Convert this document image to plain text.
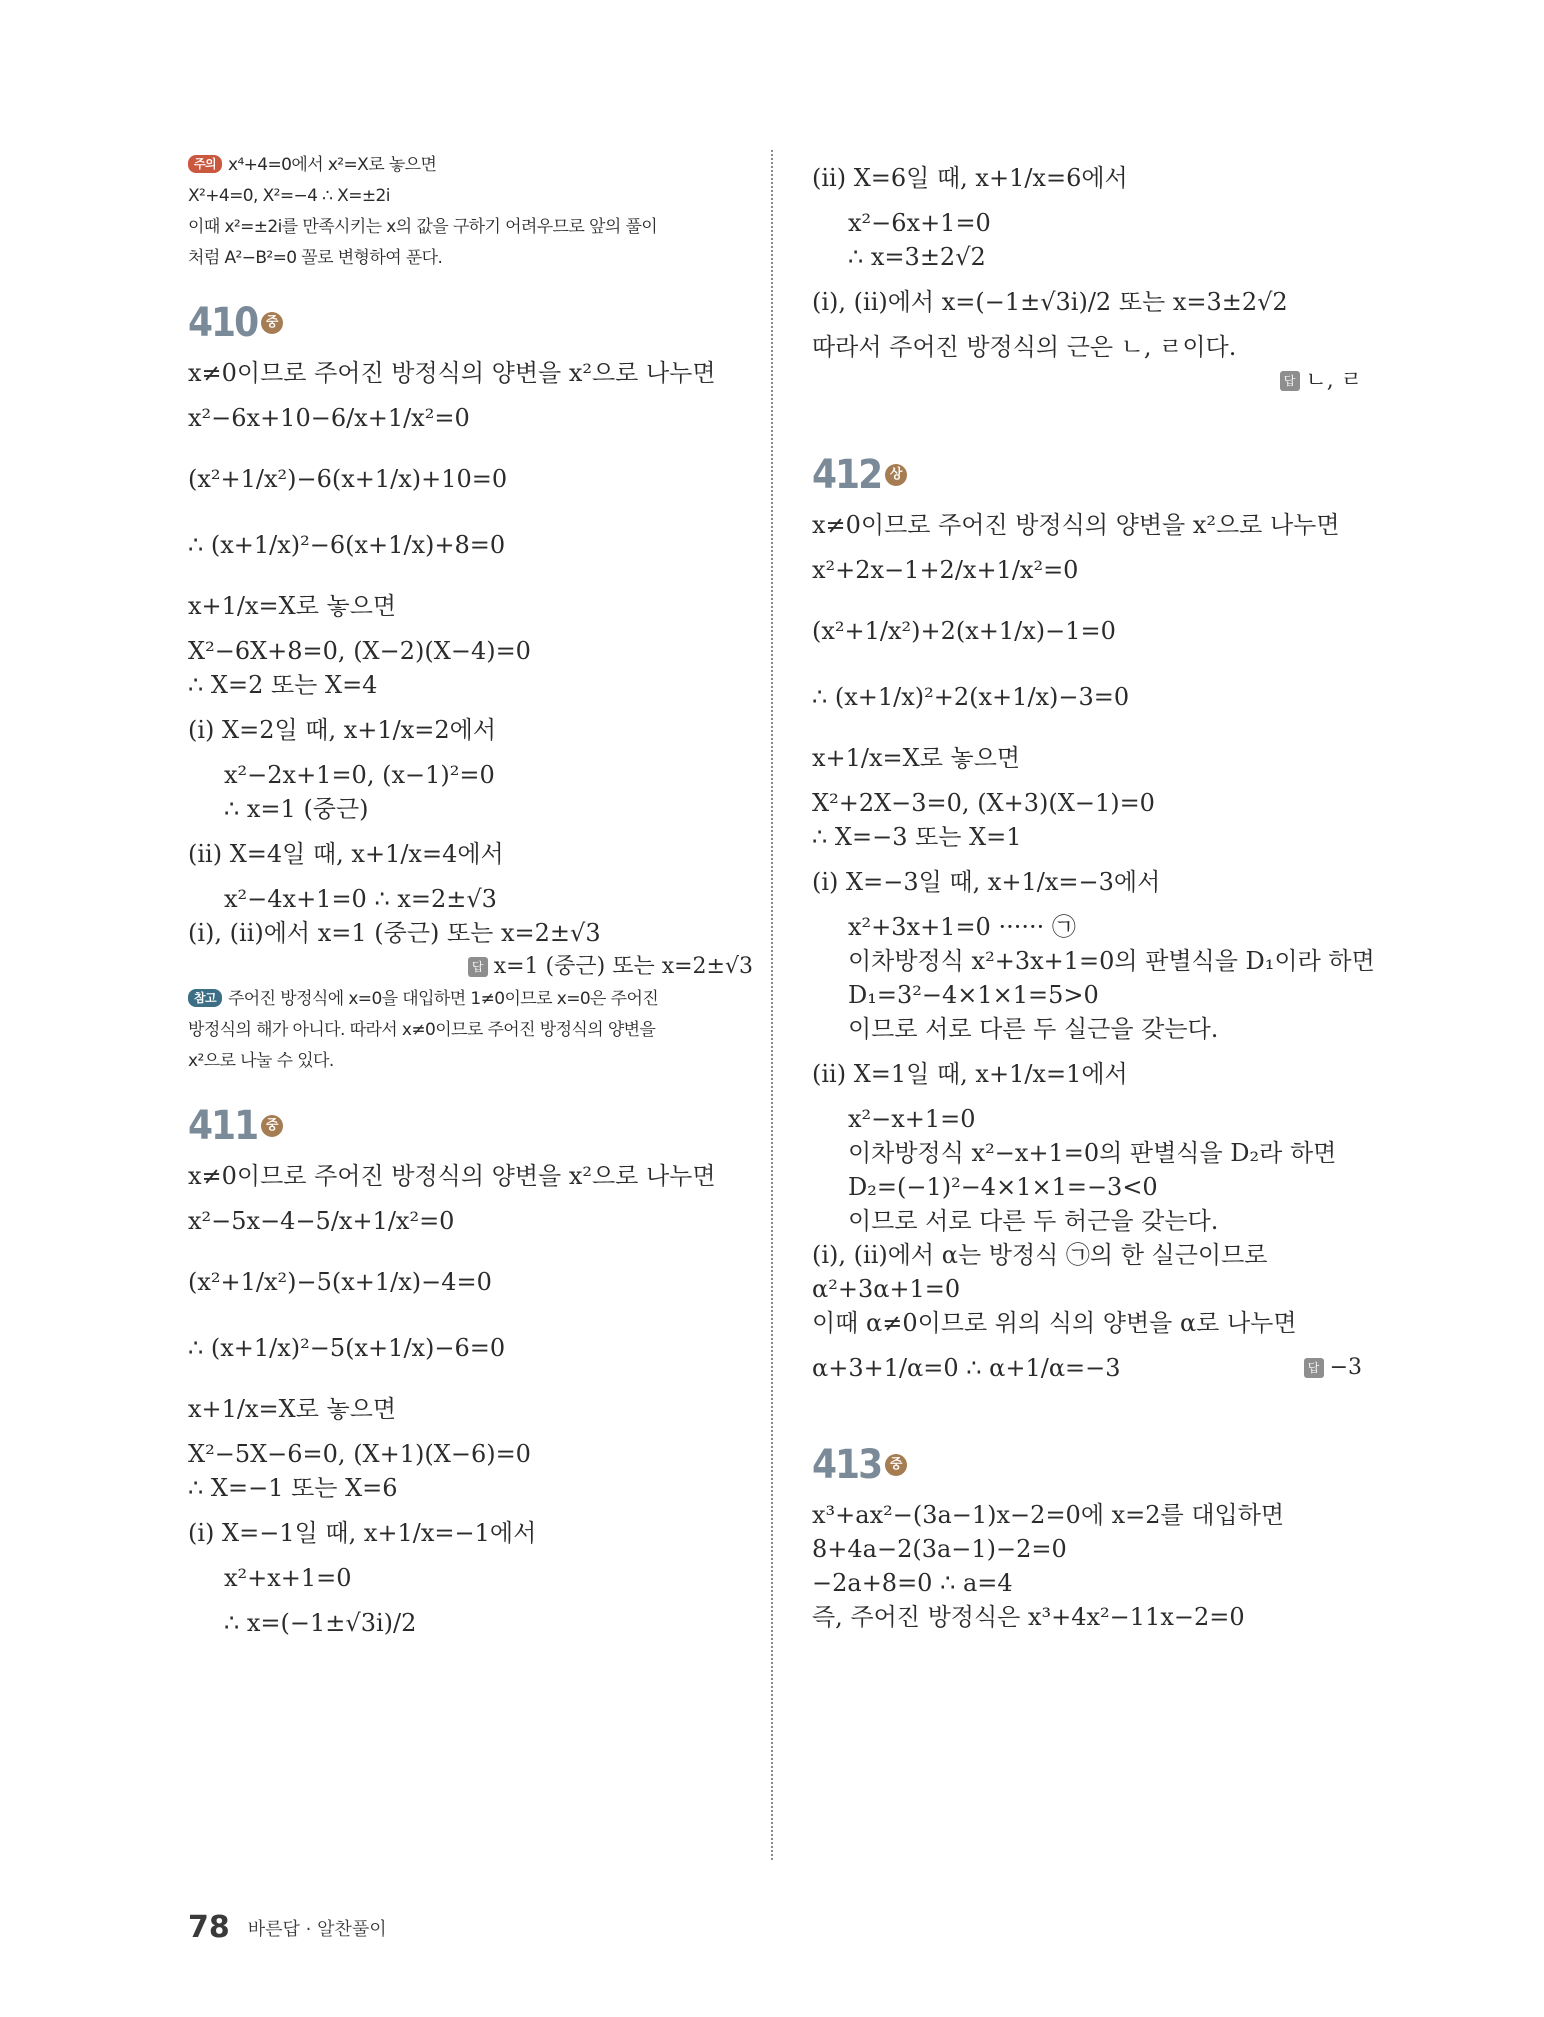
주의 x⁴+4=0에서 x²=X로 놓으면
X²+4=0, X²=−4 ∴ X=±2i
이때 x²=±2i를 만족시키는 x의 값을 구하기 어려우므로 앞의 풀이
처럼 A²−B²=0 꼴로 변형하여 푼다.
410 중
x≠0이므로 주어진 방정식의 양변을 x²으로 나누면
x²−6x+10−6/x+1/x²=0
(x²+1/x²)−6(x+1/x)+10=0
∴ (x+1/x)²−6(x+1/x)+8=0
x+1/x=X로 놓으면
X²−6X+8=0, (X−2)(X−4)=0
∴ X=2 또는 X=4
(i) X=2일 때, x+1/x=2에서
x²−2x+1=0, (x−1)²=0
∴ x=1 (중근)
(ii) X=4일 때, x+1/x=4에서
x²−4x+1=0 ∴ x=2±√3
(i), (ii)에서 x=1 (중근) 또는 x=2±√3
답 x=1 (중근) 또는 x=2±√3
참고 주어진 방정식에 x=0을 대입하면 1≠0이므로 x=0은 주어진
방정식의 해가 아니다. 따라서 x≠0이므로 주어진 방정식의 양변을
x²으로 나눌 수 있다.
411 중
x≠0이므로 주어진 방정식의 양변을 x²으로 나누면
x²−5x−4−5/x+1/x²=0
(x²+1/x²)−5(x+1/x)−4=0
∴ (x+1/x)²−5(x+1/x)−6=0
x+1/x=X로 놓으면
X²−5X−6=0, (X+1)(X−6)=0
∴ X=−1 또는 X=6
(i) X=−1일 때, x+1/x=−1에서
x²+x+1=0
∴ x=(−1±√3i)/2
(ii) X=6일 때, x+1/x=6에서
x²−6x+1=0
∴ x=3±2√2
(i), (ii)에서 x=(−1±√3i)/2 또는 x=3±2√2
따라서 주어진 방정식의 근은 ㄴ, ㄹ이다.
답 ㄴ, ㄹ
412 상
x≠0이므로 주어진 방정식의 양변을 x²으로 나누면
x²+2x−1+2/x+1/x²=0
(x²+1/x²)+2(x+1/x)−1=0
∴ (x+1/x)²+2(x+1/x)−3=0
x+1/x=X로 놓으면
X²+2X−3=0, (X+3)(X−1)=0
∴ X=−3 또는 X=1
(i) X=−3일 때, x+1/x=−3에서
x²+3x+1=0 ······ ㉠
이차방정식 x²+3x+1=0의 판별식을 D₁이라 하면
D₁=3²−4×1×1=5>0
이므로 서로 다른 두 실근을 갖는다.
(ii) X=1일 때, x+1/x=1에서
x²−x+1=0
이차방정식 x²−x+1=0의 판별식을 D₂라 하면
D₂=(−1)²−4×1×1=−3<0
이므로 서로 다른 두 허근을 갖는다.
(i), (ii)에서 α는 방정식 ㉠의 한 실근이므로
α²+3α+1=0
이때 α≠0이므로 위의 식의 양변을 α로 나누면
α+3+1/α=0 ∴ α+1/α=−3	답 −3
413 중
x³+ax²−(3a−1)x−2=0에 x=2를 대입하면
8+4a−2(3a−1)−2=0
−2a+8=0 ∴ a=4
즉, 주어진 방정식은 x³+4x²−11x−2=0
78 바른답 · 알찬풀이
